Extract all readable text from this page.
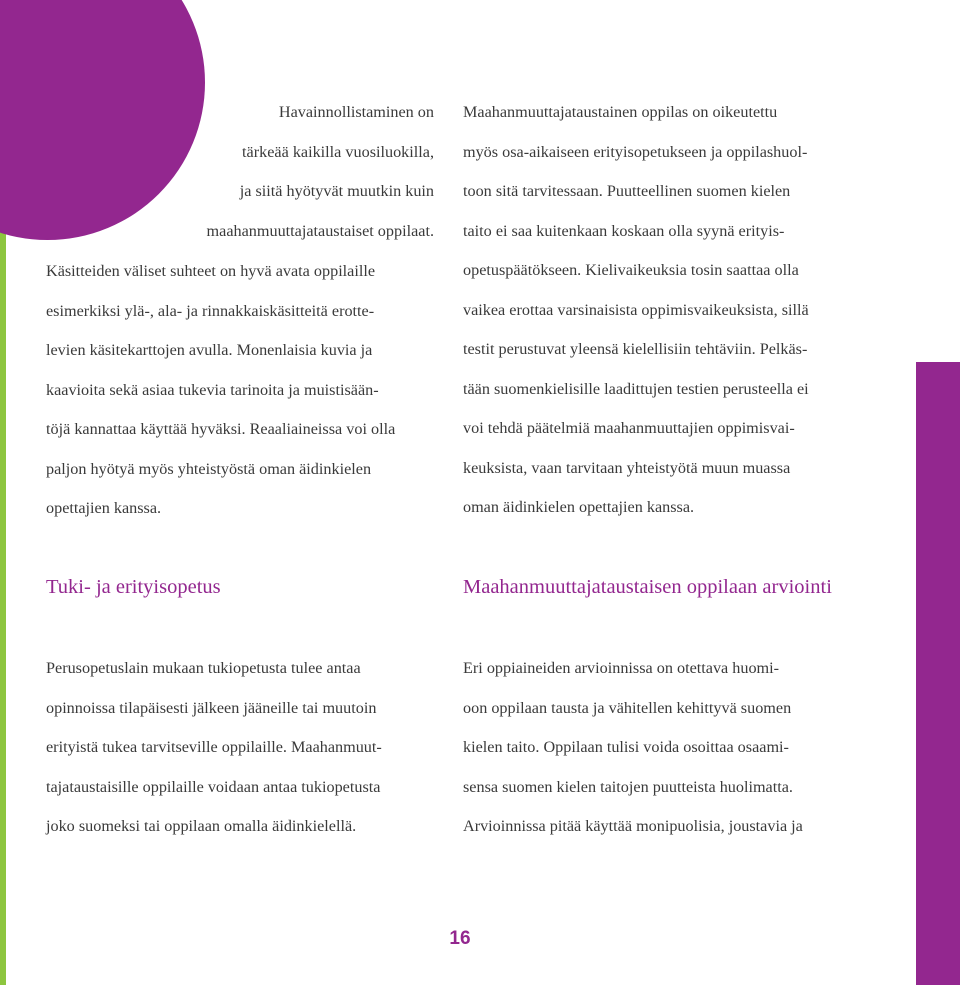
Havainnollistaminen on
tärkeää kaikilla vuosiluokilla,
ja siitä hyötyvät muutkin kuin
maahanmuuttajataustaiset oppilaat.
Käsitteiden väliset suhteet on hyvä avata oppilaille
esimerkiksi ylä-, ala- ja rinnakkaiskäsitteitä erotte-
levien käsitekarttojen avulla. Monenlaisia kuvia ja
kaavioita sekä asiaa tukevia tarinoita ja muistisään-
töjä kannattaa käyttää hyväksi. Reaaliaineissa voi olla
paljon hyötyä myös yhteistyöstä oman äidinkielen
opettajien kanssa.
Maahanmuuttajataustainen oppilas on oikeutettu
myös osa-aikaiseen erityisopetukseen ja oppilashuol-
toon sitä tarvitessaan. Puutteellinen suomen kielen
taito ei saa kuitenkaan koskaan olla syynä erityis-
opetuspäätökseen. Kielivaikeuksia tosin saattaa olla
vaikea erottaa varsinaisista oppimisvaikeuksista, sillä
testit perustuvat yleensä kielellisiin tehtäviin. Pelkäs-
tään suomenkielisille laadittujen testien perusteella ei
voi tehdä päätelmiä maahanmuuttajien oppimisvai-
keuksista, vaan tarvitaan yhteistyötä muun muassa
oman äidinkielen opettajien kanssa.
Tuki- ja erityisopetus	Maahanmuuttajataustaisen oppilaan arviointi
Perusopetuslain mukaan tukiopetusta tulee antaa
opinnoissa tilapäisesti jälkeen jääneille tai muutoin
erityistä tukea tarvitseville oppilaille. Maahanmuut-
tajataustaisille oppilaille voidaan antaa tukiopetusta
joko suomeksi tai oppilaan omalla äidinkielellä.
Eri oppiaineiden arvioinnissa on otettava huomi-
oon oppilaan tausta ja vähitellen kehittyvä suomen
kielen taito. Oppilaan tulisi voida osoittaa osaami-
sensa suomen kielen taitojen puutteista huolimatta.
Arvioinnissa pitää käyttää monipuolisia, joustavia ja
16
